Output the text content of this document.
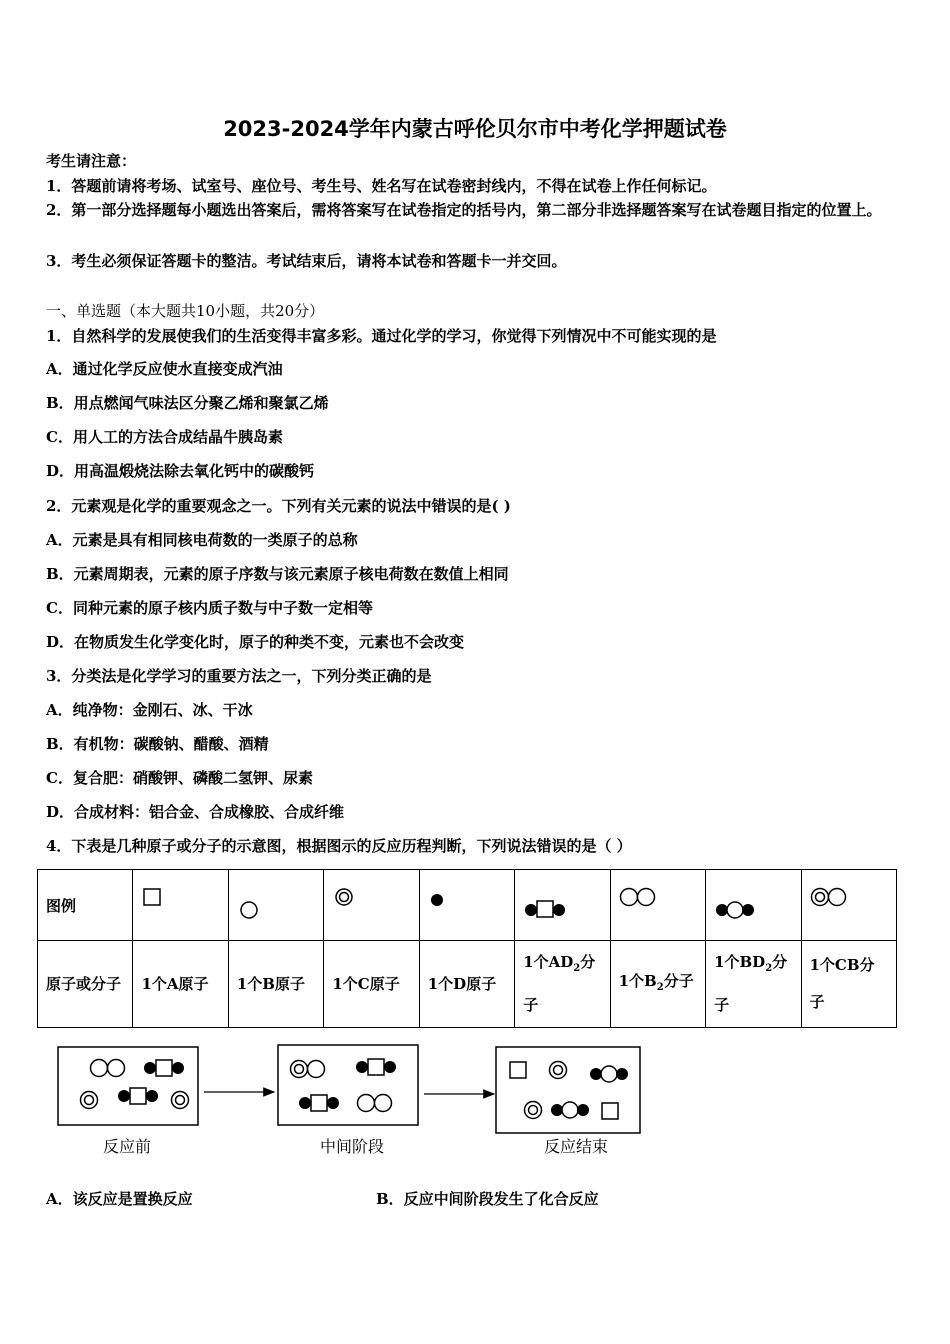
2023-2024学年内蒙古呼伦贝尔市中考化学押题试卷
考生请注意：
1．答题前请将考场、试室号、座位号、考生号、姓名写在试卷密封线内，不得在试卷上作任何标记。
2．第一部分选择题每小题选出答案后，需将答案写在试卷指定的括号内，第二部分非选择题答案写在试卷题目指定的位置上。
3．考生必须保证答题卡的整洁。考试结束后，请将本试卷和答题卡一并交回。
一、单选题（本大题共10小题，共20分）
1．自然科学的发展使我们的生活变得丰富多彩。通过化学的学习，你觉得下列情况中不可能实现的是
A．通过化学反应使水直接变成汽油
B．用点燃闻气味法区分聚乙烯和聚氯乙烯
C．用人工的方法合成结晶牛胰岛素
D．用高温煅烧法除去氧化钙中的碳酸钙
2．元素观是化学的重要观念之一。下列有关元素的说法中错误的是( )
A．元素是具有相同核电荷数的一类原子的总称
B．元素周期表，元素的原子序数与该元素原子核电荷数在数值上相同
C．同种元素的原子核内质子数与中子数一定相等
D．在物质发生化学变化时，原子的种类不变，元素也不会改变
3．分类法是化学学习的重要方法之一，下列分类正确的是
A．纯净物：金刚石、冰、干冰
B．有机物：碳酸钠、醋酸、酒精
C．复合肥：硝酸钾、磷酸二氢钾、尿素
D．合成材料：铝合金、合成橡胶、合成纤维
4．下表是几种原子或分子的示意图，根据图示的反应历程判断，下列说法错误的是（ ）
图例	

原子或分子	1个A原子	1个B原子	1个C原子	1个D原子	1个$AD_2$分子	1个$B_2$分子	1个$BD_2$分子	1个CB分子
反应前	中间阶段	反应结束
A．该反应是置换反应	B．反应中间阶段发生了化合反应
